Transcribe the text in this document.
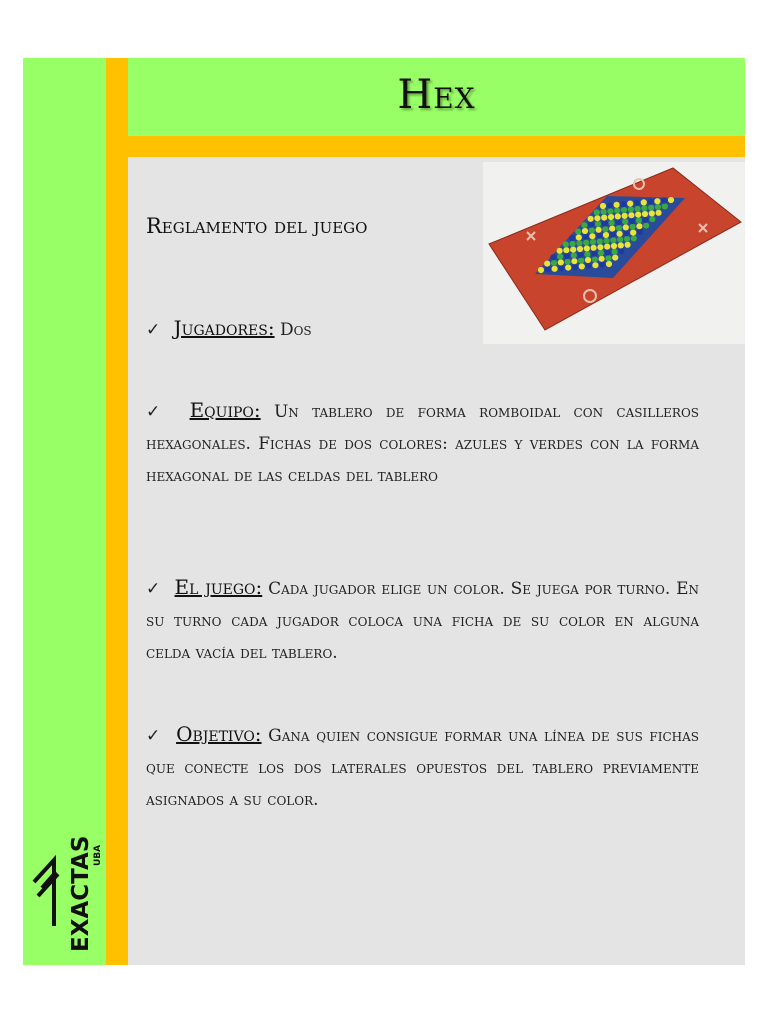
Hex
Reglamento del juego
✓ Jugadores: Dos
✓ Equipo: Un tablero de forma romboidal con casilleros hexagonales. Fichas de dos colores: azules y verdes con la forma hexagonal de las celdas del tablero
✓ El juego: Cada jugador elige un color. Se juega por turno. En su turno cada jugador coloca una ficha de su color en alguna celda vacía del tablero.
✓ Objetivo: Gana quien consigue formar una línea de sus fichas que conecte los dos laterales opuestos del tablero previamente asignados a su color.
EXACTAS UBA
